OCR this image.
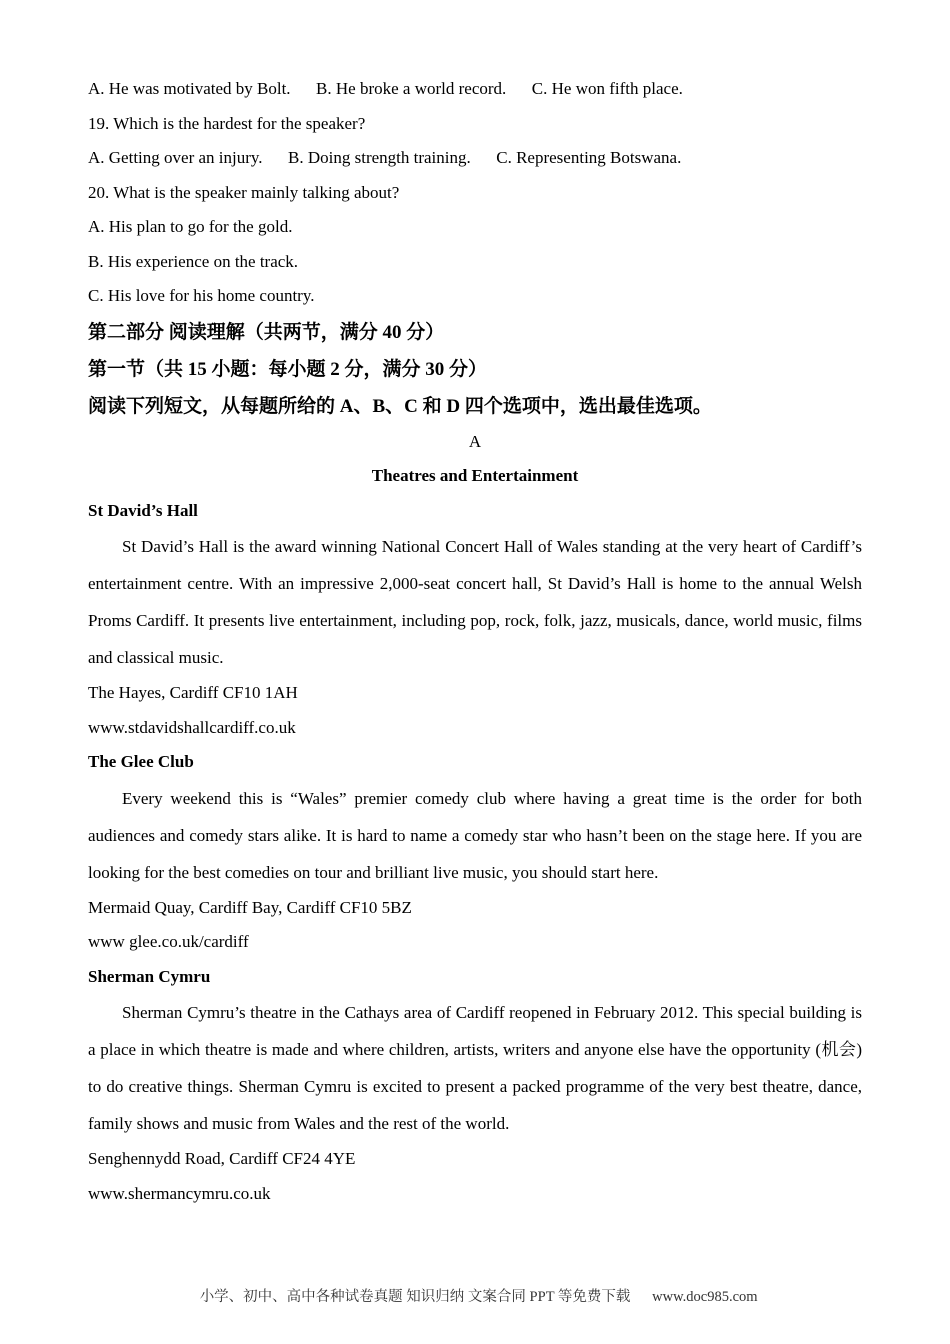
A. He was motivated by Bolt.      B. He broke a world record.      C. He won fifth place.

19. Which is the hardest for the speaker?

A. Getting over an injury.      B. Doing strength training.      C. Representing Botswana.

20. What is the speaker mainly talking about?

A. His plan to go for the gold.

B. His experience on the track.

C. His love for his home country.

第二部分 阅读理解（共两节，满分 40 分）

第一节（共 15 小题：每小题 2 分，满分 30 分）

阅读下列短文，从每题所给的 A、B、C 和 D 四个选项中，选出最佳选项。

A

Theatres and Entertainment

St David’s Hall

St David’s Hall is the award winning National Concert Hall of Wales standing at the very heart of Cardiff’s entertainment centre. With an impressive 2,000-seat concert hall, St David’s Hall is home to the annual Welsh Proms Cardiff. It presents live entertainment, including pop, rock, folk, jazz, musicals, dance, world music, films and classical music.

The Hayes, Cardiff CF10 1AH

www.stdavidshallcardiff.co.uk

The Glee Club

Every weekend this is “Wales” premier comedy club where having a great time is the order for both audiences and comedy stars alike. It is hard to name a comedy star who hasn’t been on the stage here. If you are looking for the best comedies on tour and brilliant live music, you should start here.

Mermaid Quay, Cardiff Bay, Cardiff CF10 5BZ

www glee.co.uk/cardiff

Sherman Cymru

Sherman Cymru’s theatre in the Cathays area of Cardiff reopened in February 2012. This special building is a place in which theatre is made and where children, artists, writers and anyone else have the opportunity (机会) to do creative things. Sherman Cymru is excited to present a packed programme of the very best theatre, dance, family shows and music from Wales and the rest of the world.

Senghennydd Road, Cardiff CF24 4YE

www.shermancymru.co.uk

小学、初中、高中各种试卷真题 知识归纳 文案合同 PPT 等免费下载      www.doc985.com
